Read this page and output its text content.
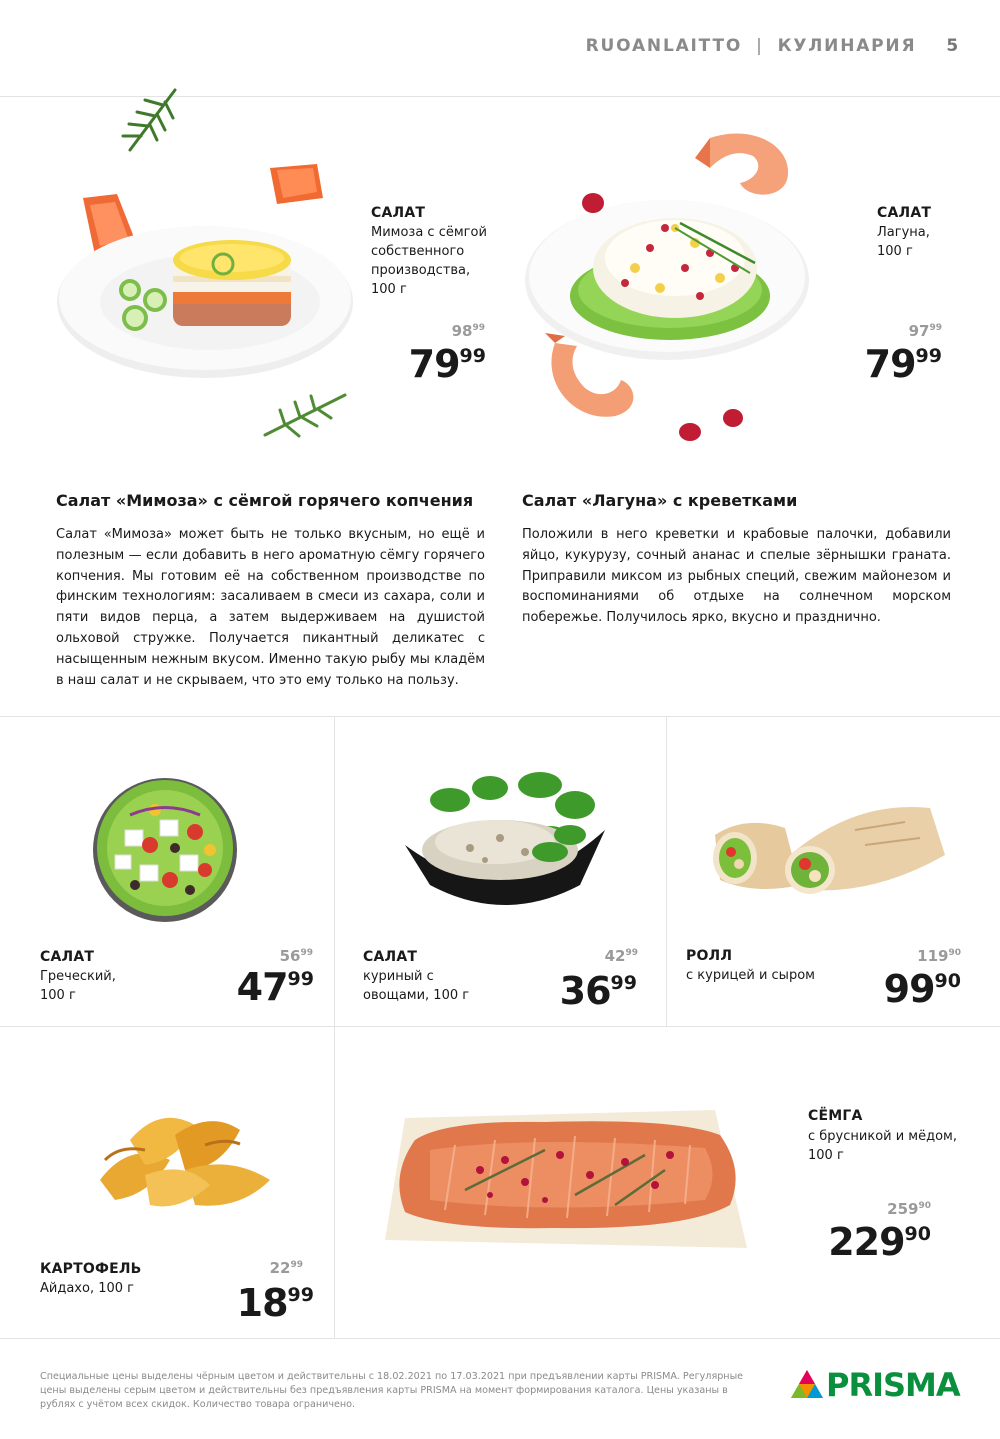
RUOANLAITTO | КУЛИНАРИЯ 5
САЛАТ
Мимоза с сёмгой собственного производства, 100 г
$98^{99}$
7999
САЛАТ
Лагуна, 100 г
$97^{99}$
7999
Салат «Мимоза» с сёмгой горячего копчения
Салат «Мимоза» может быть не только вкусным, но ещё и полезным — если добавить в него ароматную сёмгу горячего копчения. Мы готовим её на собственном производстве по финским технологиям: засаливаем в смеси из сахара, соли и пяти видов перца, а затем выдерживаем на душистой ольховой стружке. Получается пикантный деликатес с насыщенным нежным вкусом. Именно такую рыбу мы кладём в наш салат и не скрываем, что это ему только на пользу.
Салат «Лагуна» с креветками
Положили в него креветки и крабовые палочки, добавили яйцо, кукурузу, сочный ананас и спелые зёрнышки граната. Приправили миксом из рыбных специй, свежим майонезом и воспоминаниями об отдыхе на солнечном морском побережье. Получилось ярко, вкусно и празднично.
САЛАТ
Греческий, 100 г
$56^{99}$
4799
САЛАТ
куриный с овощами, 100 г
$42^{99}$
3699
РОЛЛ
с курицей и сыром
$119^{90}$
9990
КАРТОФЕЛЬ
Айдахо, 100 г
$22^{99}$
1899
СЁМГА
с брусникой и мёдом, 100 г
$259^{90}$
22990
Специальные цены выделены чёрным цветом и действительны с 18.02.2021 по 17.03.2021 при предъявлении карты PRISMA. Регулярные цены выделены серым цветом и действительны без предъявления карты PRISMA на момент формирования каталога. Цены указаны в рублях с учётом всех скидок. Количество товара ограничено.
PRISMA
